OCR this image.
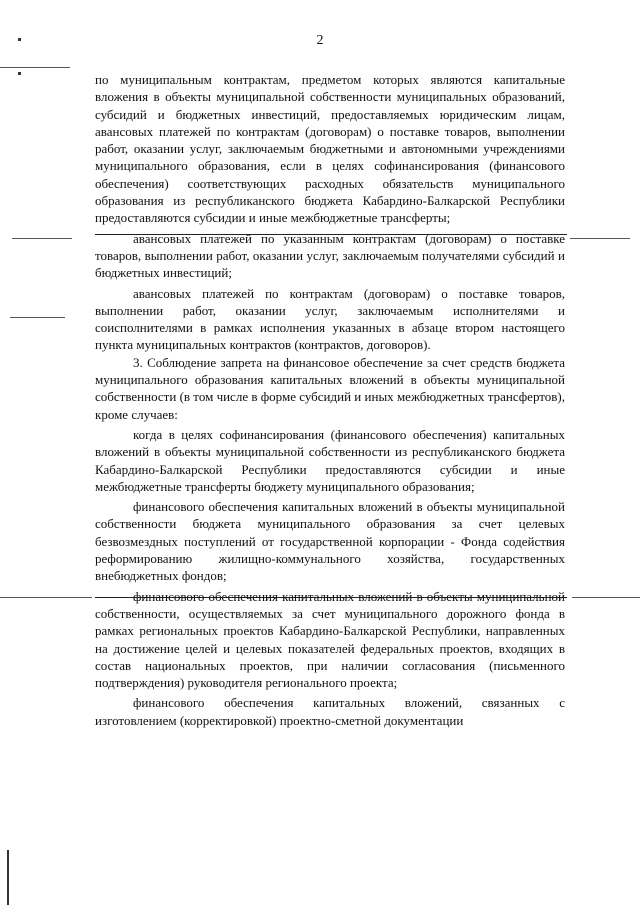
2

по муниципальным контрактам, предметом которых являются капитальные вложения в объекты муниципальной собственности муниципальных образований, субсидий и бюджетных инвестиций, предоставляемых юридическим лицам, авансовых платежей по контрактам (договорам) о поставке товаров, выполнении работ, оказании услуг, заключаемым бюджетными и автономными учреждениями муниципального образования, если в целях софинансирования (финансового обеспечения) соответствующих расходных обязательств муниципального образования из республиканского бюджета Кабардино-Балкарской Республики предоставляются субсидии и иные межбюджетные трансферты;

авансовых платежей по указанным контрактам (договорам) о поставке товаров, выполнении работ, оказании услуг, заключаемым получателями субсидий и бюджетных инвестиций;

авансовых платежей по контрактам (договорам) о поставке товаров, выполнении работ, оказании услуг, заключаемым исполнителями и соисполнителями в рамках исполнения указанных в абзаце втором настоящего пункта муниципальных контрактов (контрактов, договоров).

3. Соблюдение запрета на финансовое обеспечение за счет средств бюджета муниципального образования капитальных вложений в объекты муниципальной собственности (в том числе в форме субсидий и иных межбюджетных трансфертов), кроме случаев:

когда в целях софинансирования (финансового обеспечения) капитальных вложений в объекты муниципальной собственности из республиканского бюджета Кабардино-Балкарской Республики предоставляются субсидии и иные межбюджетные трансферты бюджету муниципального образования;

финансового обеспечения капитальных вложений в объекты муниципальной собственности бюджета муниципального образования за счет целевых безвозмездных поступлений от государственной корпорации - Фонда содействия реформированию жилищно-коммунального хозяйства, государственных внебюджетных фондов;

финансового обеспечения капитальных вложений в объекты муниципальной собственности, осуществляемых за счет муниципального дорожного фонда в рамках региональных проектов Кабардино-Балкарской Республики, направленных на достижение целей и целевых показателей федеральных проектов, входящих в состав национальных проектов, при наличии согласования (письменного подтверждения) руководителя регионального проекта;

финансового обеспечения капитальных вложений, связанных с изготовлением (корректировкой) проектно-сметной документации
